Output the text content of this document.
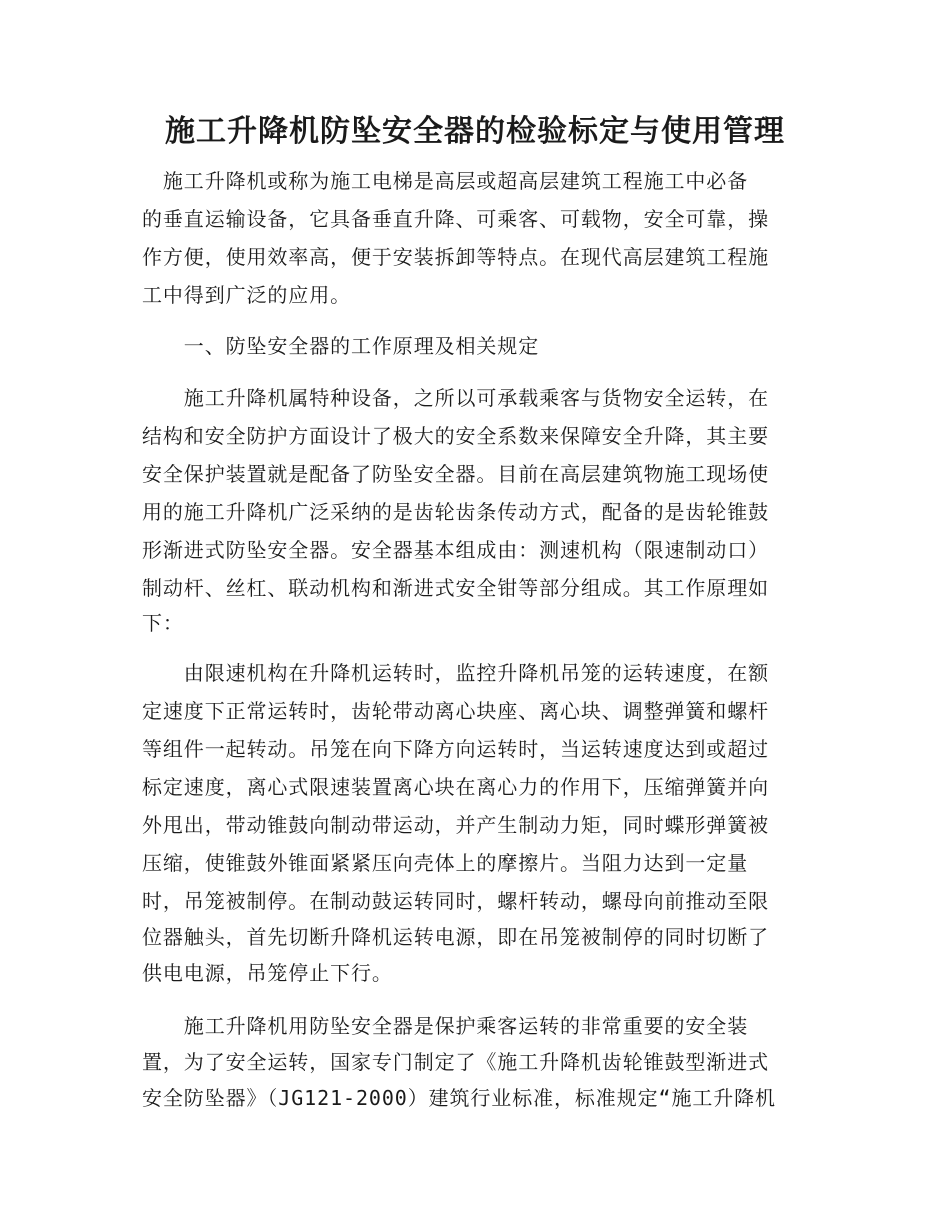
施工升降机防坠安全器的检验标定与使用管理
　施工升降机或称为施工电梯是高层或超高层建筑工程施工中必备
的垂直运输设备，它具备垂直升降、可乘客、可载物，安全可靠，操
作方便，使用效率高，便于安装拆卸等特点。在现代高层建筑工程施
工中得到广泛的应用。
　　一、防坠安全器的工作原理及相关规定
　　施工升降机属特种设备，之所以可承载乘客与货物安全运转，在
结构和安全防护方面设计了极大的安全系数来保障安全升降，其主要
安全保护装置就是配备了防坠安全器。目前在高层建筑物施工现场使
用的施工升降机广泛采纳的是齿轮齿条传动方式，配备的是齿轮锥鼓
形渐进式防坠安全器。安全器基本组成由：测速机构（限速制动口）
制动杆、丝杠、联动机构和渐进式安全钳等部分组成。其工作原理如
下：
　　由限速机构在升降机运转时，监控升降机吊笼的运转速度，在额
定速度下正常运转时，齿轮带动离心块座、离心块、调整弹簧和螺杆
等组件一起转动。吊笼在向下降方向运转时，当运转速度达到或超过
标定速度，离心式限速装置离心块在离心力的作用下，压缩弹簧并向
外甩出，带动锥鼓向制动带运动，并产生制动力矩，同时蝶形弹簧被
压缩，使锥鼓外锥面紧紧压向壳体上的摩擦片。当阻力达到一定量
时，吊笼被制停。在制动鼓运转同时，螺杆转动，螺母向前推动至限
位器触头，首先切断升降机运转电源，即在吊笼被制停的同时切断了
供电电源，吊笼停止下行。
　　施工升降机用防坠安全器是保护乘客运转的非常重要的安全装
置，为了安全运转，国家专门制定了《施工升降机齿轮锥鼓型渐进式
安全防坠器》（JG121-2000）建筑行业标准，标准规定“施工升降机
